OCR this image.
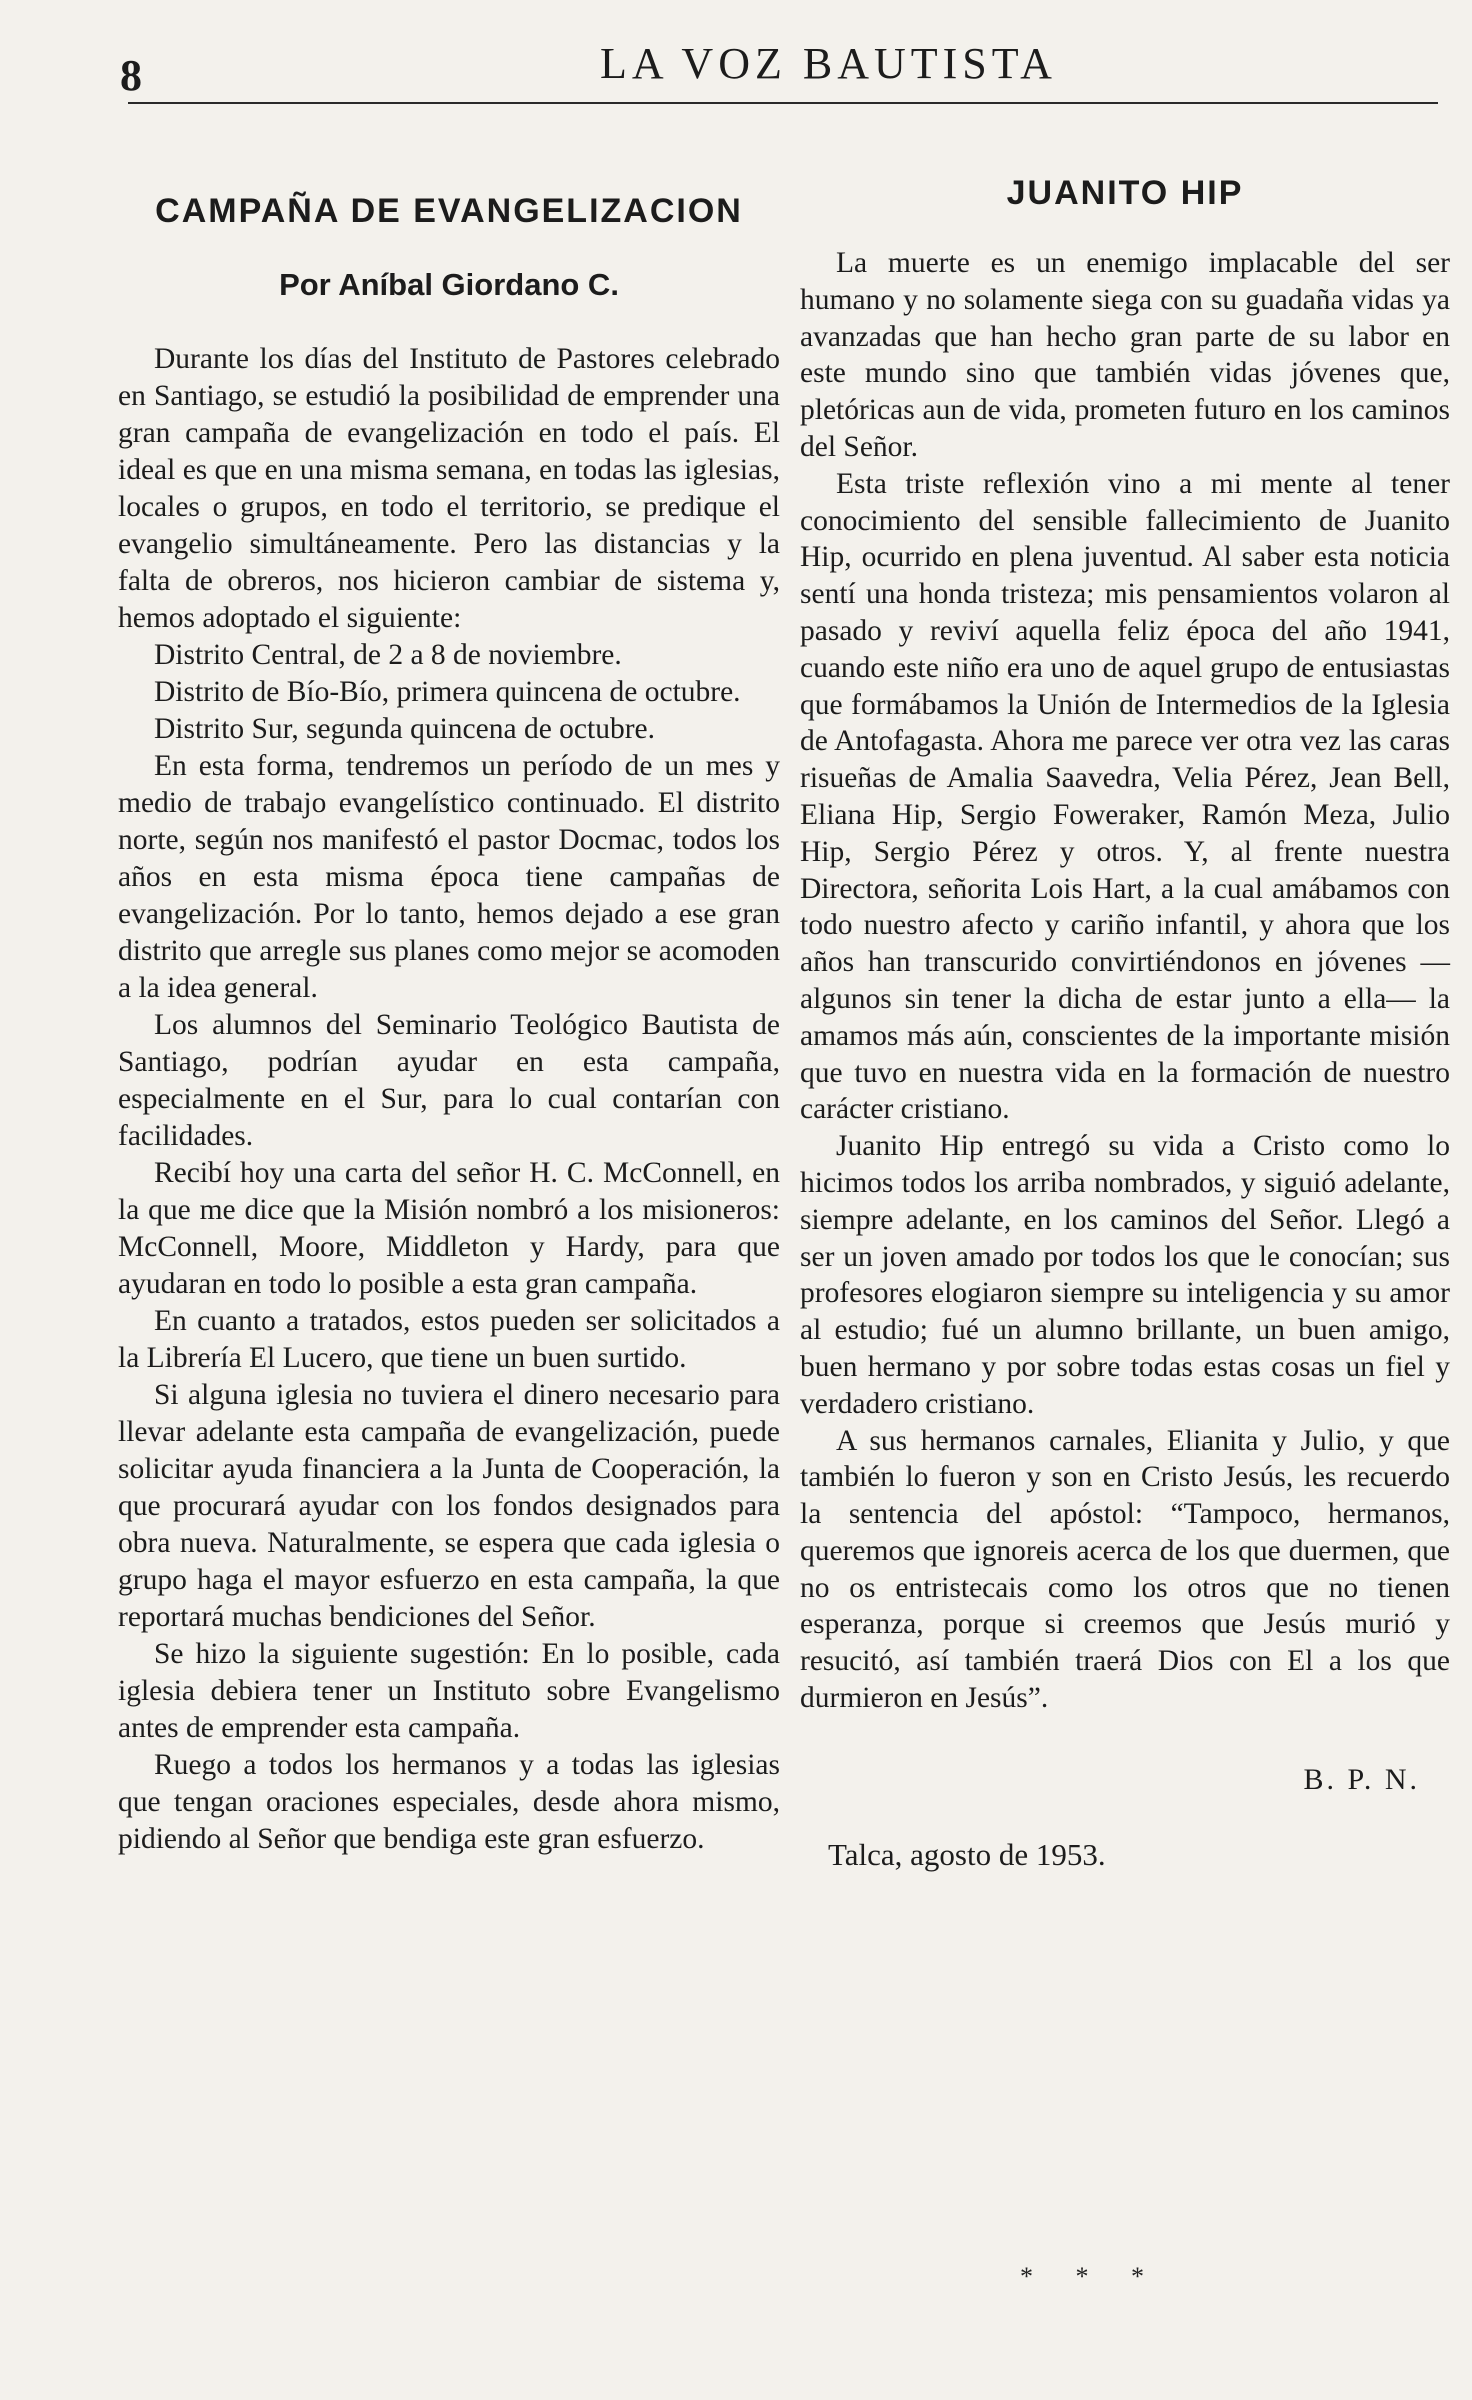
8	LA VOZ BAUTISTA
CAMPAÑA DE EVANGELIZACION
Por Aníbal Giordano C.

Durante los días del Instituto de Pastores celebrado en Santiago, se estudió la posibilidad de emprender una gran campaña de evangelización en todo el país. El ideal es que en una misma semana, en todas las iglesias, locales o grupos, en todo el territorio, se predique el evangelio simultáneamente. Pero las distancias y la falta de obreros, nos hicieron cambiar de sistema y, hemos adoptado el siguiente:

Distrito Central, de 2 a 8 de noviembre.

Distrito de Bío-Bío, primera quincena de octubre.

Distrito Sur, segunda quincena de octubre.

En esta forma, tendremos un período de un mes y medio de trabajo evangelístico continuado. El distrito norte, según nos manifestó el pastor Docmac, todos los años en esta misma época tiene campañas de evangelización. Por lo tanto, hemos dejado a ese gran distrito que arregle sus planes como mejor se acomoden a la idea general.

Los alumnos del Seminario Teológico Bautista de Santiago, podrían ayudar en esta campaña, especialmente en el Sur, para lo cual contarían con facilidades.

Recibí hoy una carta del señor H. C. McConnell, en la que me dice que la Misión nombró a los misioneros: McConnell, Moore, Middleton y Hardy, para que ayudaran en todo lo posible a esta gran campaña.

En cuanto a tratados, estos pueden ser solicitados a la Librería El Lucero, que tiene un buen surtido.

Si alguna iglesia no tuviera el dinero necesario para llevar adelante esta campaña de evangelización, puede solicitar ayuda financiera a la Junta de Cooperación, la que procurará ayudar con los fondos designados para obra nueva. Naturalmente, se espera que cada iglesia o grupo haga el mayor esfuerzo en esta campaña, la que reportará muchas bendiciones del Señor.

Se hizo la siguiente sugestión: En lo posible, cada iglesia debiera tener un Instituto sobre Evangelismo antes de emprender esta campaña.

Ruego a todos los hermanos y a todas las iglesias que tengan oraciones especiales, desde ahora mismo, pidiendo al Señor que bendiga este gran esfuerzo.

JUANITO HIP

La muerte es un enemigo implacable del ser humano y no solamente siega con su guadaña vidas ya avanzadas que han hecho gran parte de su labor en este mundo sino que también vidas jóvenes que, pletóricas aun de vida, prometen futuro en los caminos del Señor.

Esta triste reflexión vino a mi mente al tener conocimiento del sensible fallecimiento de Juanito Hip, ocurrido en plena juventud. Al saber esta noticia sentí una honda tristeza; mis pensamientos volaron al pasado y reviví aquella feliz época del año 1941, cuando este niño era uno de aquel grupo de entusiastas que formábamos la Unión de Intermedios de la Iglesia de Antofagasta. Ahora me parece ver otra vez las caras risueñas de Amalia Saavedra, Velia Pérez, Jean Bell, Eliana Hip, Sergio Foweraker, Ramón Meza, Julio Hip, Sergio Pérez y otros. Y, al frente nuestra Directora, señorita Lois Hart, a la cual amábamos con todo nuestro afecto y cariño infantil, y ahora que los años han transcurido convirtiéndonos en jóvenes —algunos sin tener la dicha de estar junto a ella— la amamos más aún, conscientes de la importante misión que tuvo en nuestra vida en la formación de nuestro carácter cristiano.

Juanito Hip entregó su vida a Cristo como lo hicimos todos los arriba nombrados, y siguió adelante, siempre adelante, en los caminos del Señor. Llegó a ser un joven amado por todos los que le conocían; sus profesores elogiaron siempre su inteligencia y su amor al estudio; fué un alumno brillante, un buen amigo, buen hermano y por sobre todas estas cosas un fiel y verdadero cristiano.

A sus hermanos carnales, Elianita y Julio, y que también lo fueron y son en Cristo Jesús, les recuerdo la sentencia del apóstol: “Tampoco, hermanos, queremos que ignoreis acerca de los que duermen, que no os entristecais como los otros que no tienen esperanza, porque si creemos que Jesús murió y resucitó, así también traerá Dios con El a los que durmieron en Jesús”.

B. P. N.
Talca, agosto de 1953.
* * *
